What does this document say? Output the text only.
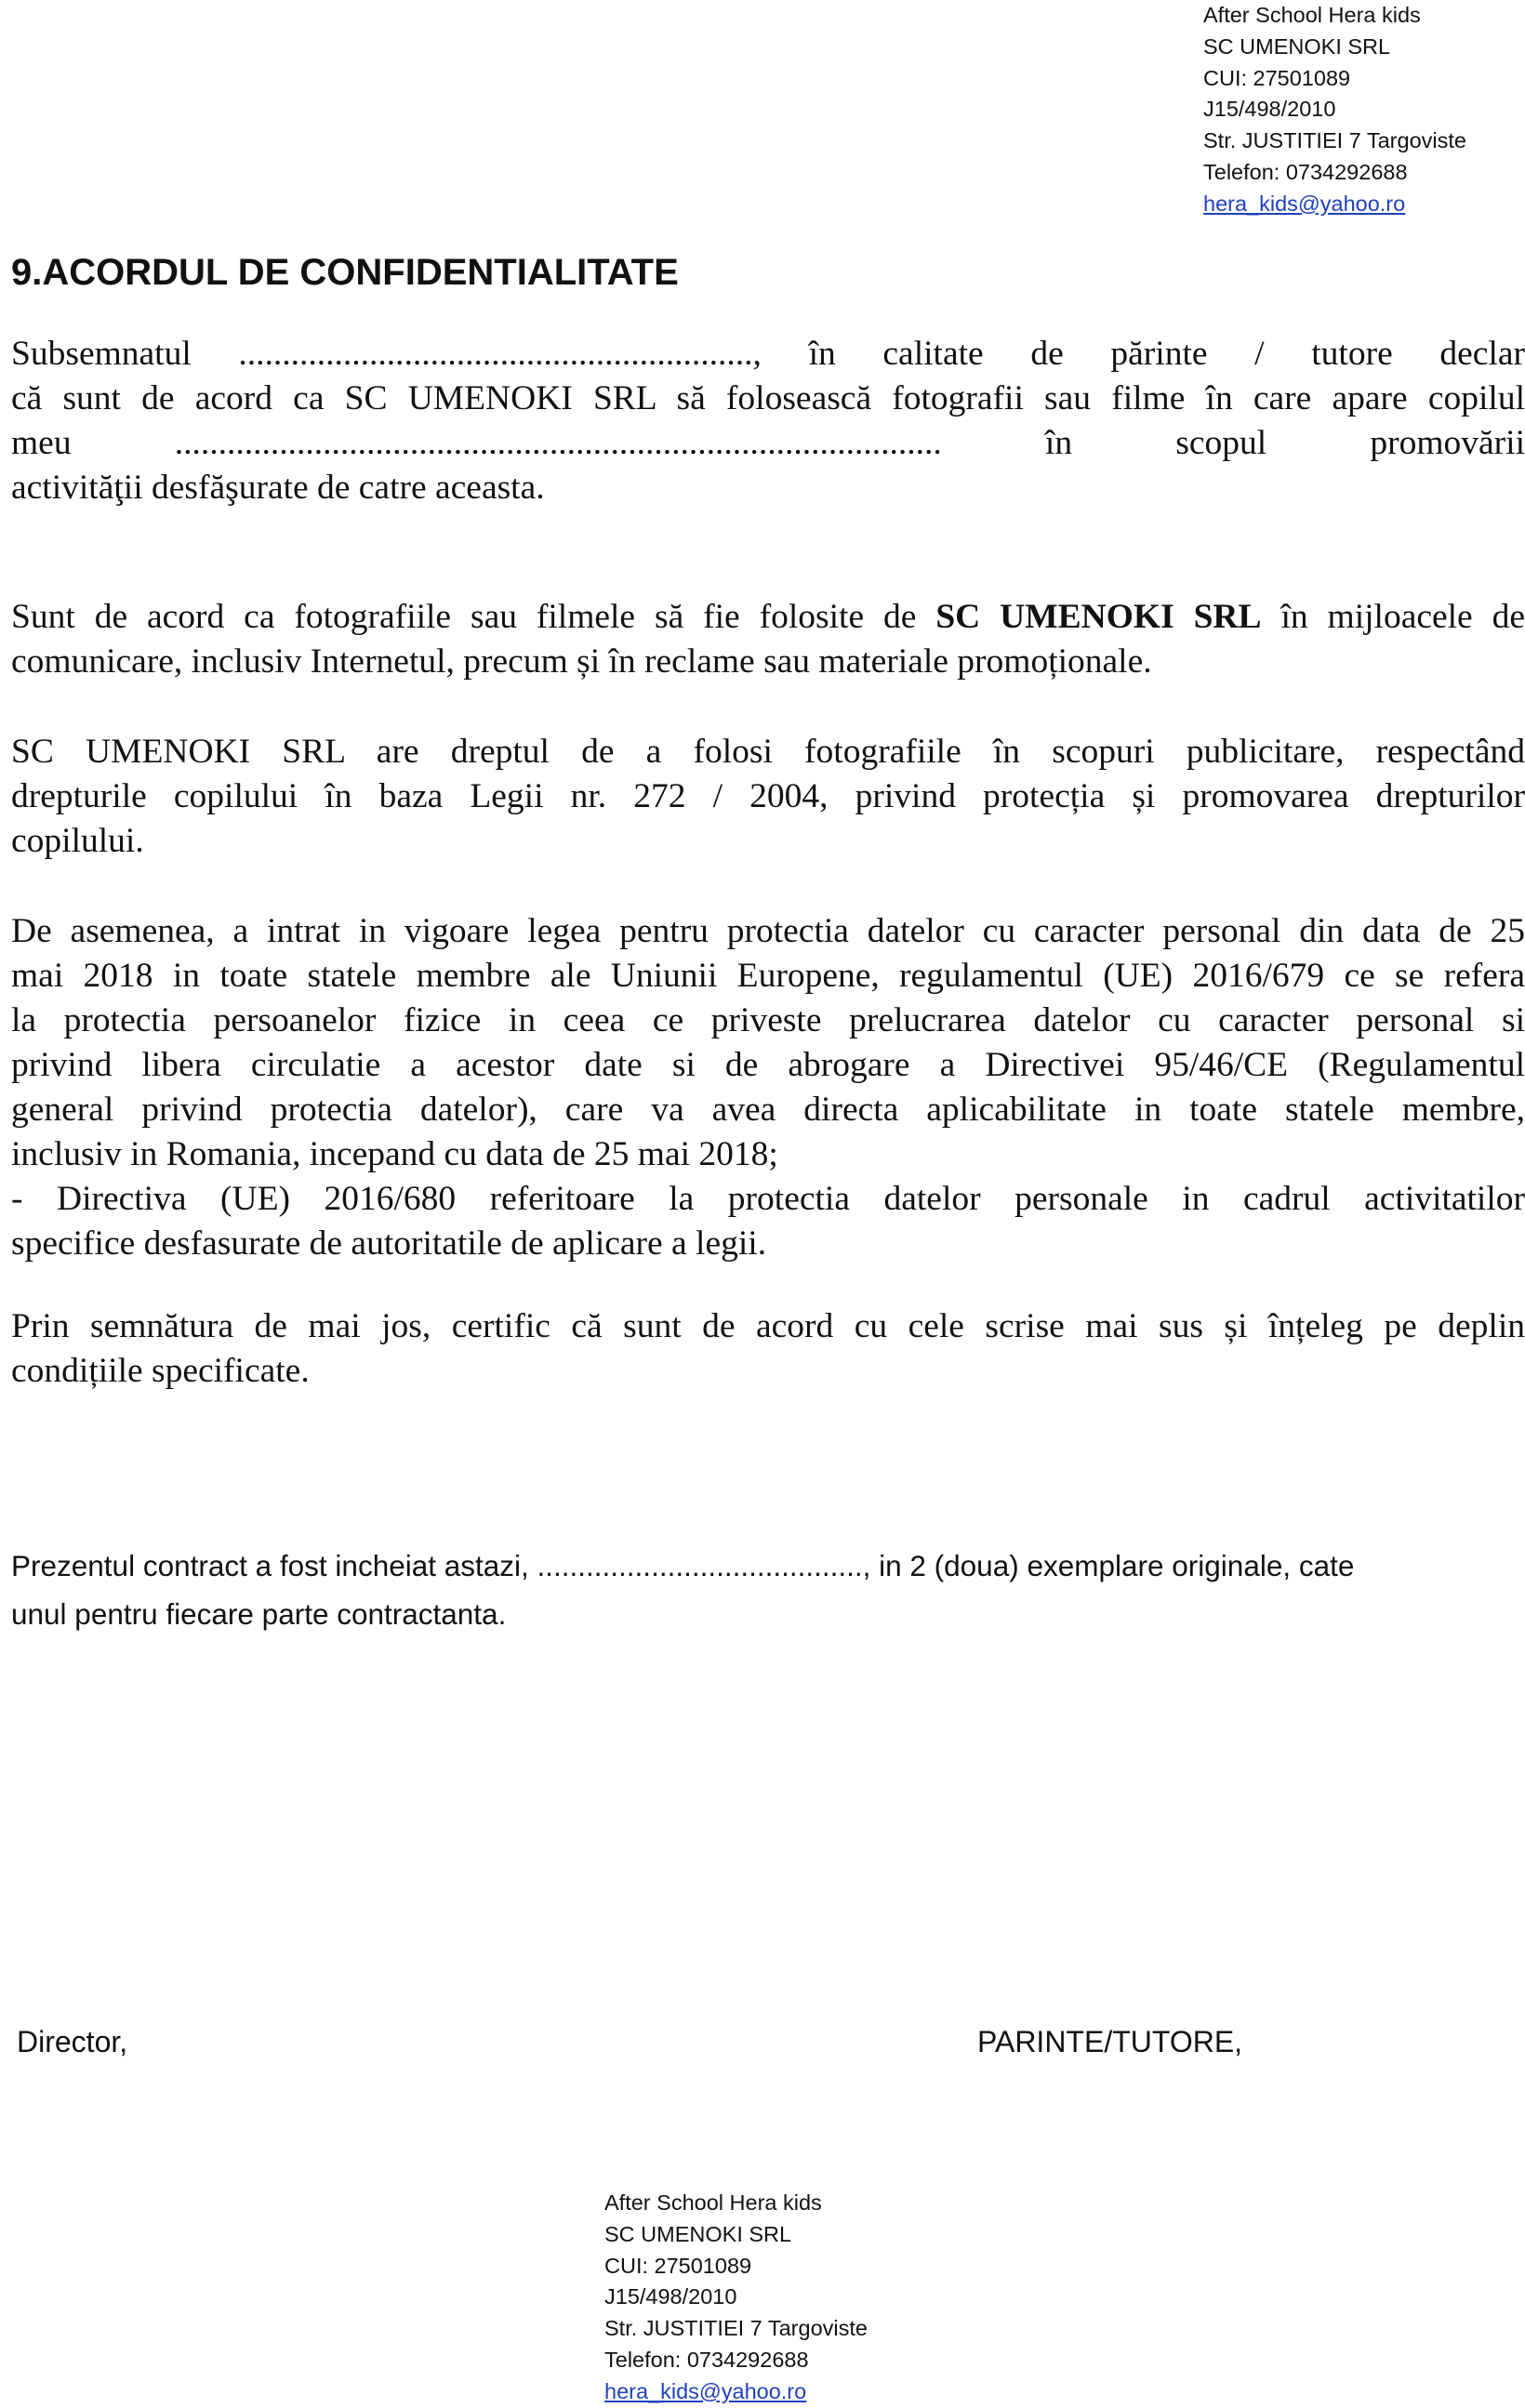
After School Hera kids
SC UMENOKI SRL
CUI: 27501089
J15/498/2010
Str. JUSTITIEI 7 Targoviste
Telefon: 0734292688
hera_kids@yahoo.ro
9.ACORDUL DE CONFIDENTIALITATE
Subsemnatul ..........................................................., în calitate de părinte / tutore declar
că sunt de acord ca SC UMENOKI SRL să folosească fotografii sau filme în care apare copilul
meu ........................................................................................ în scopul promovării
activităţii desfăşurate de catre aceasta.
Sunt de acord ca fotografiile sau filmele să fie folosite de SC UMENOKI SRL în mijloacele de
comunicare, inclusiv Internetul, precum și în reclame sau materiale promoționale.
SC UMENOKI SRL are dreptul de a folosi fotografiile în scopuri publicitare, respectând
drepturile copilului în baza Legii nr. 272 / 2004, privind protecția și promovarea drepturilor
copilului.
De asemenea, a intrat in vigoare legea pentru protectia datelor cu caracter personal din data de 25
mai 2018 in toate statele membre ale Uniunii Europene, regulamentul (UE) 2016/679 ce se refera
la protectia persoanelor fizice in ceea ce priveste prelucrarea datelor cu caracter personal si
privind libera circulatie a acestor date si de abrogare a Directivei 95/46/CE (Regulamentul
general privind protectia datelor), care va avea directa aplicabilitate in toate statele membre,
inclusiv in Romania, incepand cu data de 25 mai 2018;
- Directiva (UE) 2016/680 referitoare la protectia datelor personale in cadrul activitatilor
specifice desfasurate de autoritatile de aplicare a legii.
Prin semnătura de mai jos, certific că sunt de acord cu cele scrise mai sus și înțeleg pe deplin
condițiile specificate.
Prezentul contract a fost incheiat astazi, ........................................, in 2 (doua) exemplare originale, cate
unul pentru fiecare parte contractanta.
Director,	PARINTE/TUTORE,
After School Hera kids
SC UMENOKI SRL
CUI: 27501089
J15/498/2010
Str. JUSTITIEI 7 Targoviste
Telefon: 0734292688
hera_kids@yahoo.ro
